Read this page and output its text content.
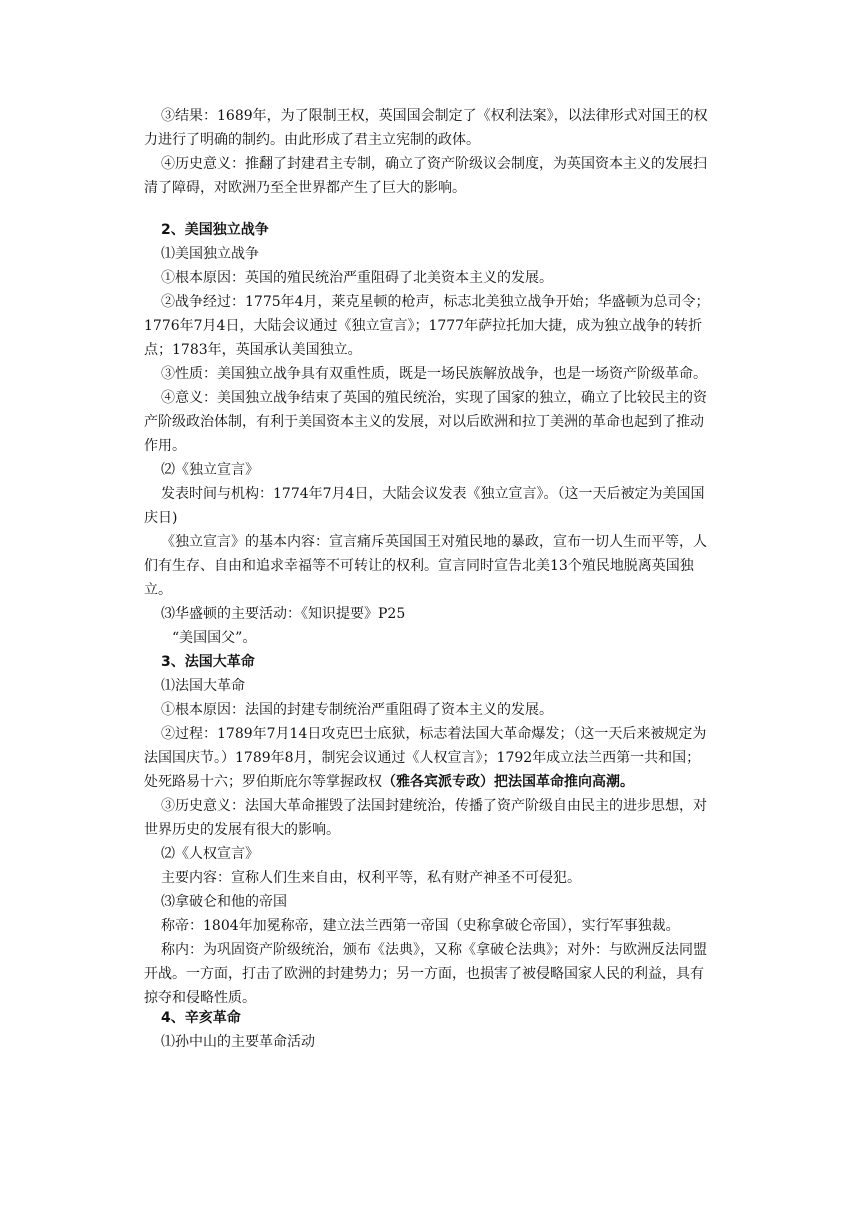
③结果：1689年，为了限制王权，英国国会制定了《权利法案》，以法律形式对国王的权力进行了明确的制约。由此形成了君主立宪制的政体。

④历史意义：推翻了封建君主专制，确立了资产阶级议会制度，为英国资本主义的发展扫清了障碍，对欧洲乃至全世界都产生了巨大的影响。

2、美国独立战争

⑴美国独立战争

①根本原因：英国的殖民统治严重阻碍了北美资本主义的发展。

②战争经过：1775年4月，莱克星顿的枪声，标志北美独立战争开始；华盛顿为总司令；1776年7月4日，大陆会议通过《独立宣言》；1777年萨拉托加大捷，成为独立战争的转折点；1783年，英国承认美国独立。

③性质：美国独立战争具有双重性质，既是一场民族解放战争，也是一场资产阶级革命。

④意义：美国独立战争结束了英国的殖民统治，实现了国家的独立，确立了比较民主的资产阶级政治体制，有利于美国资本主义的发展，对以后欧洲和拉丁美洲的革命也起到了推动作用。

⑵《独立宣言》

发表时间与机构：1774年7月4日，大陆会议发表《独立宣言》。（这一天后被定为美国国庆日)

《独立宣言》的基本内容：宣言痛斥英国国王对殖民地的暴政，宣布一切人生而平等，人们有生存、自由和追求幸福等不可转让的权利。宣言同时宣告北美13个殖民地脱离英国独立。

⑶华盛顿的主要活动：《知识提要》P25

“美国国父”。

3、法国大革命

⑴法国大革命

①根本原因：法国的封建专制统治严重阻碍了资本主义的发展。

②过程：1789年7月14日攻克巴士底狱，标志着法国大革命爆发；（这一天后来被规定为法国国庆节。）1789年8月，制宪会议通过《人权宣言》；1792年成立法兰西第一共和国；处死路易十六；罗伯斯庇尔等掌握政权（雅各宾派专政）把法国革命推向高潮。

③历史意义：法国大革命摧毁了法国封建统治，传播了资产阶级自由民主的进步思想，对世界历史的发展有很大的影响。

⑵《人权宣言》

主要内容：宣称人们生来自由，权利平等，私有财产神圣不可侵犯。

⑶拿破仑和他的帝国

称帝：1804年加冕称帝，建立法兰西第一帝国（史称拿破仑帝国），实行军事独裁。

称内：为巩固资产阶级统治，颁布《法典》，又称《拿破仑法典》；对外：与欧洲反法同盟开战。一方面，打击了欧洲的封建势力；另一方面，也损害了被侵略国家人民的利益，具有掠夺和侵略性质。

4、辛亥革命

⑴孙中山的主要革命活动
